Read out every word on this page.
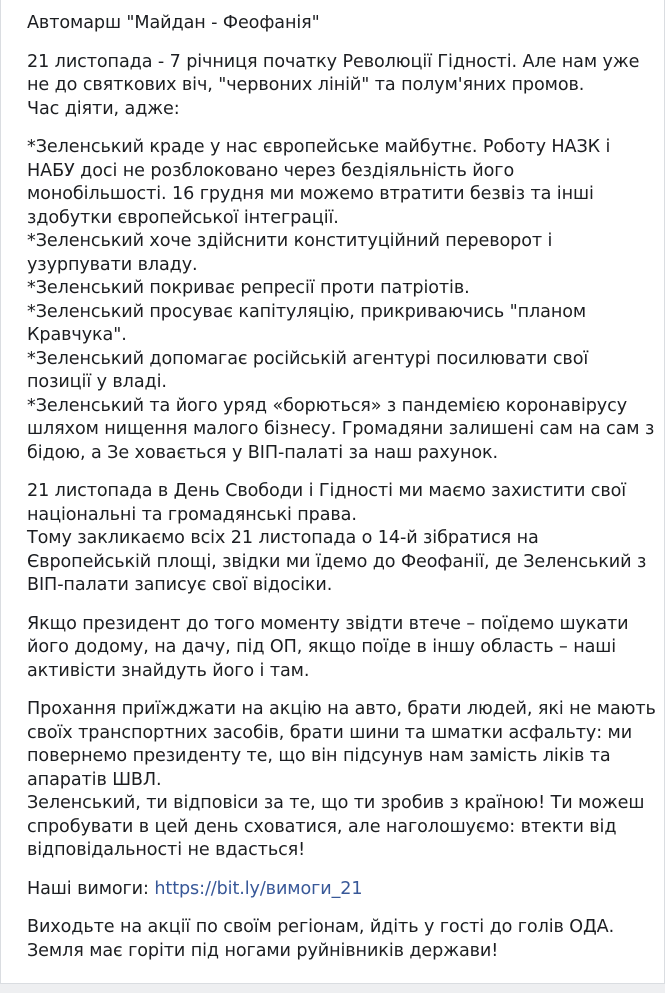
Автомарш "Майдан - Феофанія"

21 листопада - 7 річниця початку Революції Гідності. Але нам уже
не до святкових віч, "червоних ліній" та полум'яних промов.
Час діяти, адже:

*Зеленський краде у нас європейське майбутнє. Роботу НАЗК і
НАБУ досі не розблоковано через бездіяльність його
монобільшості. 16 грудня ми можемо втратити безвіз та інші
здобутки європейської інтеграції.
*Зеленський хоче здійснити конституційний переворот і
узурпувати владу.
*Зеленський покриває репресії проти патріотів.
*Зеленський просуває капітуляцію, прикриваючись "планом
Кравчука".
*Зеленський допомагає російській агентурі посилювати свої
позиції у владі.
*Зеленський та його уряд «борються» з пандемією коронавірусу
шляхом нищення малого бізнесу. Громадяни залишені сам на сам з
бідою, а Зе ховається у ВІП-палаті за наш рахунок.

21 листопада в День Свободи і Гідності ми маємо захистити свої
національні та громадянські права.
Тому закликаємо всіх 21 листопада о 14-й зібратися на
Європейській площі, звідки ми їдемо до Феофанії, де Зеленський з
ВІП-палати записує свої відосіки.

Якщо президент до того моменту звідти втече – поїдемо шукати
його додому, на дачу, під ОП, якщо поїде в іншу область – наші
активісти знайдуть його і там.

Прохання приїжджати на акцію на авто, брати людей, які не мають
своїх транспортних засобів, брати шини та шматки асфальту: ми
повернемо президенту те, що він підсунув нам замість ліків та
апаратів ШВЛ.
Зеленський, ти відповіси за те, що ти зробив з країною! Ти можеш
спробувати в цей день сховатися, але наголошуємо: втекти від
відповідальності не вдасться!

Наші вимоги: https://bit.ly/вимоги_21

Виходьте на акції по своїм регіонам, йдіть у гості до голів ОДА.
Земля має горіти під ногами руйнівників держави!
